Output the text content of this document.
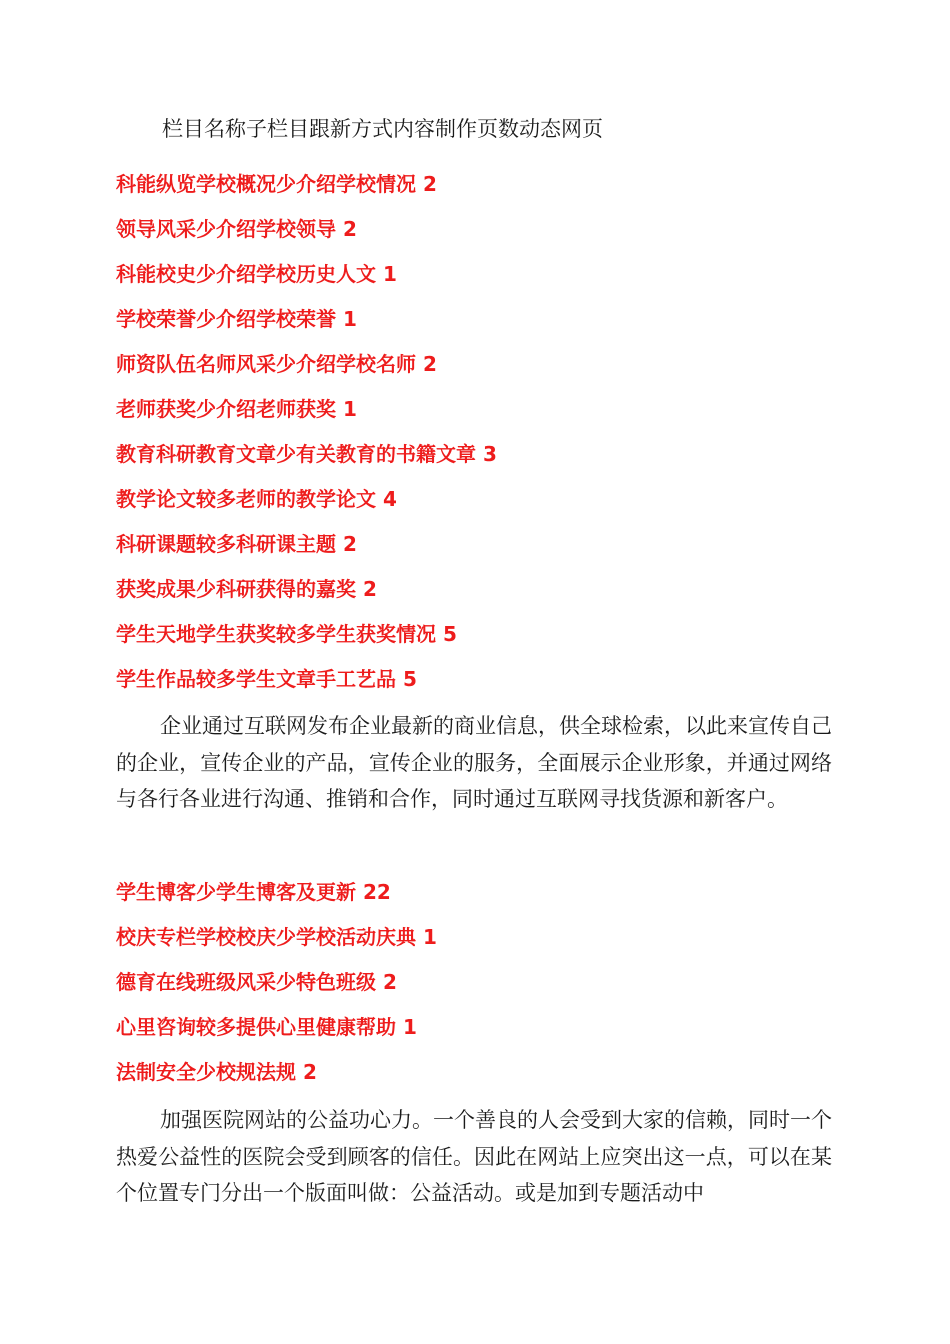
栏目名称子栏目跟新方式内容制作页数动态网页
科能纵览学校概况少介绍学校情况 2
领导风采少介绍学校领导 2
科能校史少介绍学校历史人文 1
学校荣誉少介绍学校荣誉 1
师资队伍名师风采少介绍学校名师 2
老师获奖少介绍老师获奖 1
教育科研教育文章少有关教育的书籍文章 3
教学论文较多老师的教学论文 4
科研课题较多科研课主题 2
获奖成果少科研获得的嘉奖 2
学生天地学生获奖较多学生获奖情况 5
学生作品较多学生文章手工艺品 5

企业通过互联网发布企业最新的商业信息，供全球检索，以此来宣传自己的企业，宣传企业的产品，宣传企业的服务，全面展示企业形象，并通过网络与各行各业进行沟通、推销和合作，同时通过互联网寻找货源和新客户。

学生博客少学生博客及更新 22
校庆专栏学校校庆少学校活动庆典 1
德育在线班级风采少特色班级 2
心里咨询较多提供心里健康帮助 1
法制安全少校规法规 2

加强医院网站的公益功心力。一个善良的人会受到大家的信赖，同时一个热爱公益性的医院会受到顾客的信任。因此在网站上应突出这一点，可以在某个位置专门分出一个版面叫做：公益活动。或是加到专题活动中
